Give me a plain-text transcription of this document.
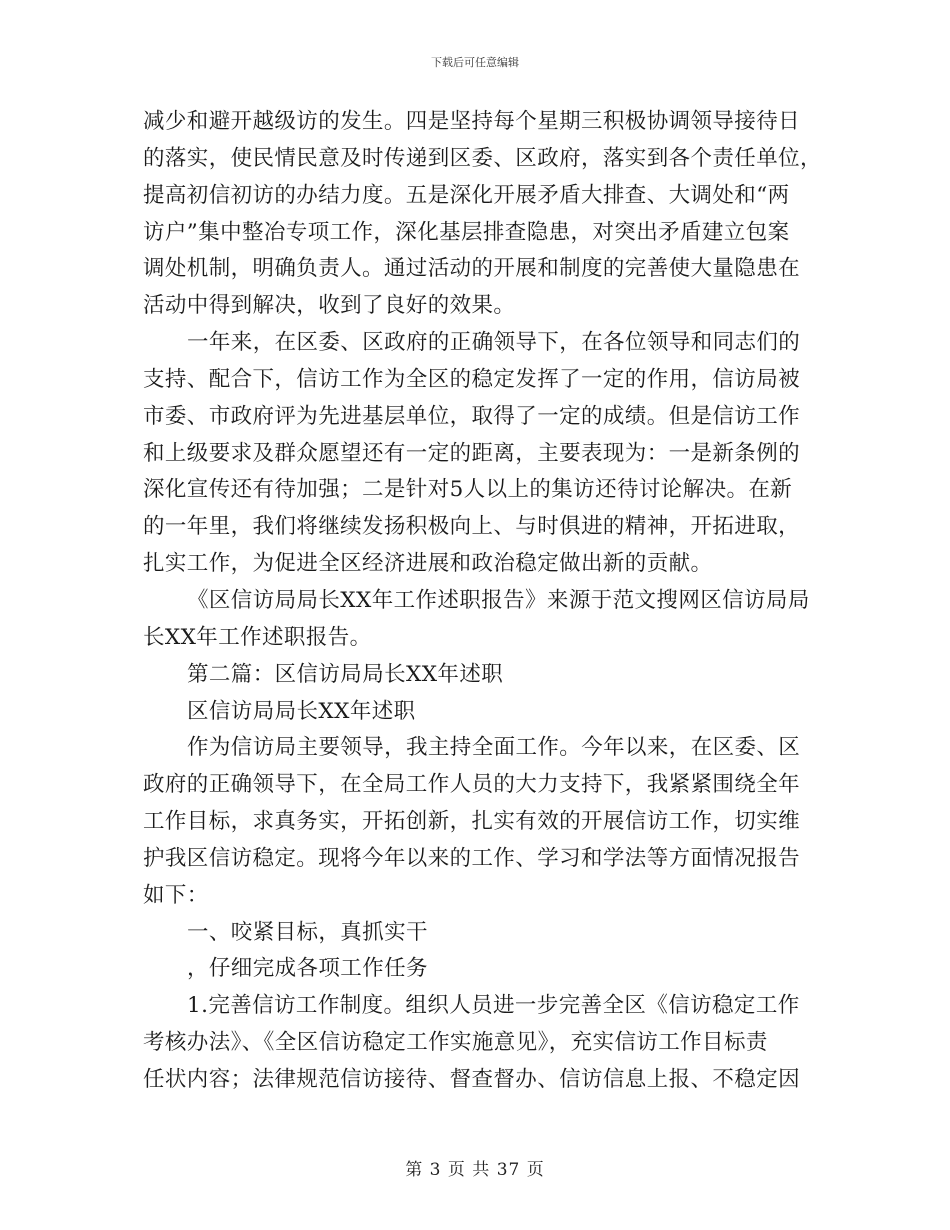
下载后可任意编辑
减少和避开越级访的发生。四是坚持每个星期三积极协调领导接待日
的落实，使民情民意及时传递到区委、区政府，落实到各个责任单位，
提高初信初访的办结力度。五是深化开展矛盾大排查、大调处和“两
访户”集中整冶专项工作，深化基层排查隐患，对突出矛盾建立包案
调处机制，明确负责人。通过活动的开展和制度的完善使大量隐患在
活动中得到解决，收到了良好的效果。
一年来，在区委、区政府的正确领导下，在各位领导和同志们的
支持、配合下，信访工作为全区的稳定发挥了一定的作用，信访局被
市委、市政府评为先进基层单位，取得了一定的成绩。但是信访工作
和上级要求及群众愿望还有一定的距离，主要表现为：一是新条例的
深化宣传还有待加强；二是针对5人以上的集访还待讨论解决。在新
的一年里，我们将继续发扬积极向上、与时俱进的精神，开拓进取，
扎实工作，为促进全区经济进展和政治稳定做出新的贡献。
《区信访局局长XX年工作述职报告》来源于范文搜网区信访局局
长XX年工作述职报告。
第二篇：区信访局局长XX年述职
区信访局局长XX年述职
作为信访局主要领导，我主持全面工作。今年以来，在区委、区
政府的正确领导下，在全局工作人员的大力支持下，我紧紧围绕全年
工作目标，求真务实，开拓创新，扎实有效的开展信访工作，切实维
护我区信访稳定。现将今年以来的工作、学习和学法等方面情况报告
如下：
一、咬紧目标，真抓实干
，仔细完成各项工作任务
1.完善信访工作制度。组织人员进一步完善全区《信访稳定工作
考核办法》、《全区信访稳定工作实施意见》，充实信访工作目标责
任状内容；法律规范信访接待、督查督办、信访信息上报、不稳定因
第 3 页 共 37 页
